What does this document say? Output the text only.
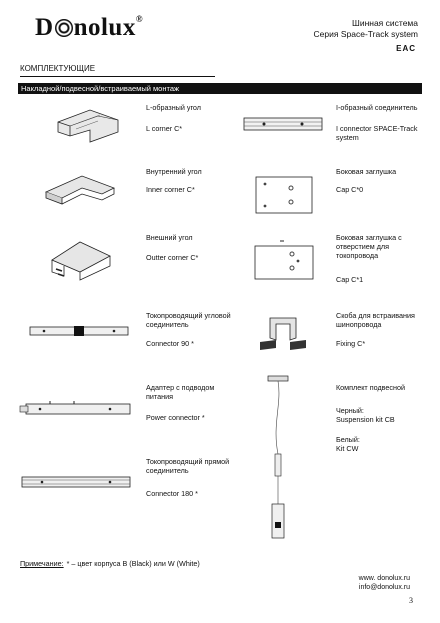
D nolux®	Шинная система
Серия Space-Track system
EAC
КОМПЛЕКТУЮЩИЕ
Накладной/подвесной/встраиваемый монтаж
L-образный угол
L corner C*
I-образный соединитель
I connector SPACE-Track
system
Внутренний угол
Inner corner C*
Боковая заглушка
Cap C*0
Внешний угол
Outter corner C*
Боковая заглушка с
отверстием для
токопровода
Cap C*1
Токопроводящий угловой
соединитель
Connector 90 *
Скоба для встраивания
шинопровода
Fixing C*
Адаптер с подводом
питания
Power connector *
Комплект подвесной
Черный:
Suspension kit CB
Белый:
Kit CW
Токопроводящий прямой
соединитель
Connector 180 *
Примечание: * – цвет корпуса B (Black) или W (White)
www. donolux.ru
info@donolux.ru
3
